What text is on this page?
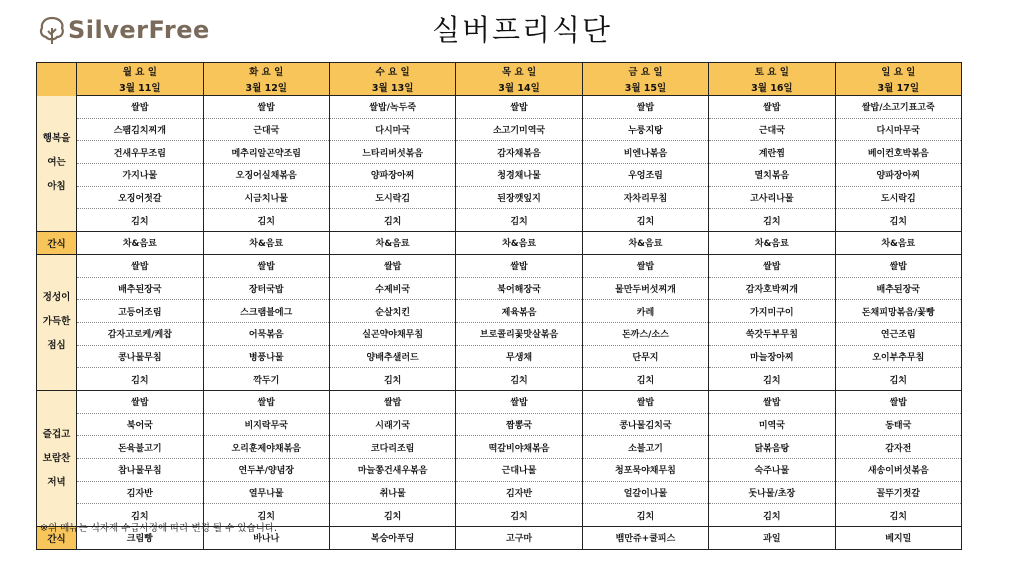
SilverFree	실버프리식단
	월 요 일	화 요 일	수 요 일	목 요 일	금 요 일	토 요 일	일 요 일
	3월 11일	3월 12일	3월 13일	3월 14일	3월 15일	3월 16일	3월 17일

행복을
여는
아침	쌀밥	쌀밥	쌀밥/녹두죽	쌀밥	쌀밥	쌀밥	쌀밥/소고기표고죽
	스팸김치찌개	근대국	다시마국	소고기미역국	누룽지탕	근대국	다시마무국
	건새우무조림	메추리알곤약조림	느타리버섯볶음	감자채볶음	비엔나볶음	계란찜	베이컨호박볶음
	가지나물	오징어실채볶음	양파장아찌	청경채나물	우엉조림	멸치볶음	양파장아찌
	오징어젓갈	시금치나물	도시락김	된장깻잎지	자차리무침	고사리나물	도시락김
	김치	김치	김치	김치	김치	김치	김치
간식	차&음료	차&음료	차&음료	차&음료	차&음료	차&음료	차&음료

정성이
가득한
점심	쌀밥	쌀밥	쌀밥	쌀밥	쌀밥	쌀밥	쌀밥
	배추된장국	장터국밥	수제비국	북어해장국	물만두버섯찌개	감자호박찌개	배추된장국
	고등어조림	스크램블에그	순살치킨	제육볶음	카레	가지미구이	돈채피망볶음/꽃빵
	감자고로케/케찹	어묵볶음	실곤약야채무침	브로콜리꽃맛살볶음	돈까스/소스	쑥갓두부무침	연근조림
	콩나물무침	병풍나물	양배추샐러드	무생채	단무지	마늘장아찌	오이부추무침
	김치	깍두기	김치	김치	김치	김치	김치

즐겁고
보람찬
저녁	쌀밥	쌀밥	쌀밥	쌀밥	쌀밥	쌀밥	쌀밥
	북어국	비지락무국	시래기국	짬뽕국	콩나물김치국	미역국	동태국
	돈육불고기	오리훈제야채볶음	코다리조림	떡갈비야채볶음	소불고기	닭볶음탕	감자전
	참나물무침	연두부/양념장	마늘쫑건새우볶음	근대나물	청포묵야채무침	숙주나물	새송이버섯볶음
	김자반	열무나물	취나물	김자반	얼갈이나물	돗나물/초장	꼴뚜기젓갈
	김치	김치	김치	김치	김치	김치	김치
간식	크림빵	바나나	복숭아푸딩	고구마	뱀만쥬+쿨피스	과일	베지밀
※위 메뉴는 식자재 수급사정에 따라 변경 될 수 있습니다.
